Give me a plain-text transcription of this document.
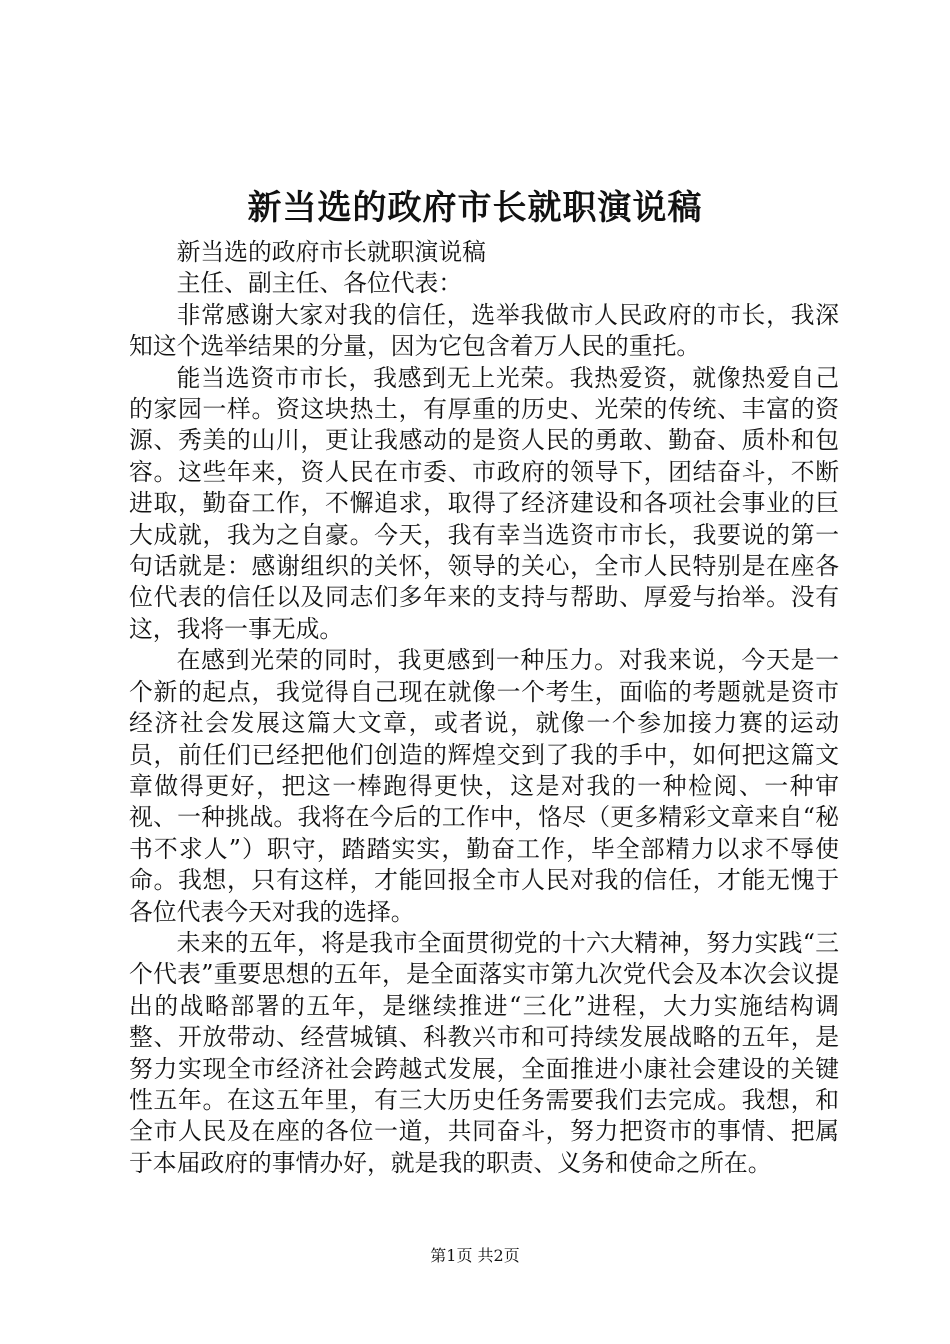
新当选的政府市长就职演说稿

新当选的政府市长就职演说稿

主任、副主任、各位代表：

非常感谢大家对我的信任，选举我做市人民政府的市长，我深知这个选举结果的分量，因为它包含着万人民的重托。

能当选资市市长，我感到无上光荣。我热爱资，就像热爱自己的家园一样。资这块热土，有厚重的历史、光荣的传统、丰富的资源、秀美的山川，更让我感动的是资人民的勇敢、勤奋、质朴和包容。这些年来，资人民在市委、市政府的领导下，团结奋斗，不断进取，勤奋工作，不懈追求，取得了经济建设和各项社会事业的巨大成就，我为之自豪。今天，我有幸当选资市市长，我要说的第一句话就是：感谢组织的关怀，领导的关心，全市人民特别是在座各位代表的信任以及同志们多年来的支持与帮助、厚爱与抬举。没有这，我将一事无成。

在感到光荣的同时，我更感到一种压力。对我来说，今天是一个新的起点，我觉得自己现在就像一个考生，面临的考题就是资市经济社会发展这篇大文章，或者说，就像一个参加接力赛的运动员，前任们已经把他们创造的辉煌交到了我的手中，如何把这篇文章做得更好，把这一棒跑得更快，这是对我的一种检阅、一种审视、一种挑战。我将在今后的工作中，恪尽（更多精彩文章来自“秘书不求人”）职守，踏踏实实，勤奋工作，毕全部精力以求不辱使命。我想，只有这样，才能回报全市人民对我的信任，才能无愧于各位代表今天对我的选择。

未来的五年，将是我市全面贯彻党的十六大精神，努力实践“三个代表”重要思想的五年，是全面落实市第九次党代会及本次会议提出的战略部署的五年，是继续推进“三化”进程，大力实施结构调整、开放带动、经营城镇、科教兴市和可持续发展战略的五年，是努力实现全市经济社会跨越式发展，全面推进小康社会建设的关键性五年。在这五年里，有三大历史任务需要我们去完成。我想，和全市人民及在座的各位一道，共同奋斗，努力把资市的事情、把属于本届政府的事情办好，就是我的职责、义务和使命之所在。

第1页 共2页
